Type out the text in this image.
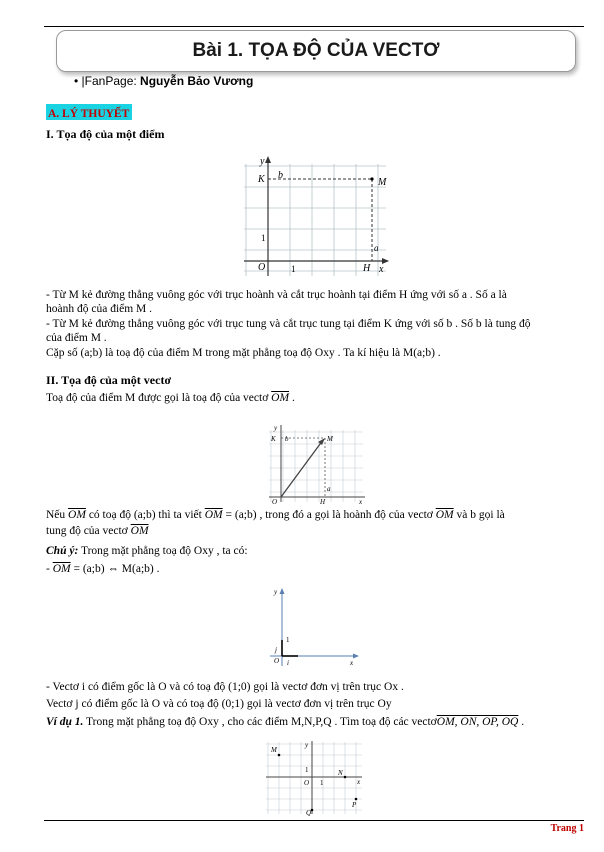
Bài 1. TỌA ĐỘ CỦA VECTƠ
• |FanPage: Nguyễn Bảo Vương
A. LÝ THUYẾT
I. Tọa độ của một điểm
y
K b
M
1
a
O	1	H x
- Từ M kẻ đường thẳng vuông góc với trục hoành và cắt trục hoành tại điểm H ứng với số a . Số a là
hoành độ của điểm M .
- Từ M kẻ đường thẳng vuông góc với trục tung và cắt trục tung tại điểm K ứng với số b . Số b là tung độ
của điểm M .
Cặp số (a;b) là toạ độ của điểm M trong mặt phẳng toạ độ Oxy . Ta kí hiệu là M(a;b) .
II. Tọa độ của một vectơ
Toạ độ của điểm M được gọi là toạ độ của vectơ $\overline{OM}$ .
y
K b	M
a
O	H	x
Nếu $\overline{OM}$ có toạ độ (a;b) thì ta viết $\overline{OM}$ = (a;b) , trong đó a gọi là hoành độ của vectơ $\overline{OM}$ và b gọi là
tung độ của vectơ $\overline{OM}$
Chú ý: Trong mặt phẳng toạ độ Oxy , ta có:
- $\overline{OM}$ = (a;b) ⇔ M(a;b) .
y
1
j
O i	x
- Vectơ i có điểm gốc là O và có toạ độ (1;0) gọi là vectơ đơn vị trên trục Ox .
Vectơ j có điểm gốc là O và có toạ độ (0;1) gọi là vectơ đơn vị trên trục Oy
Ví dụ 1. Trong mặt phẳng toạ độ Oxy , cho các điểm M,N,P,Q . Tìm toạ độ các vectơOM, ON, OP, OQ .
M
y
1	N
x
O 1
P
Q
Trang 1
